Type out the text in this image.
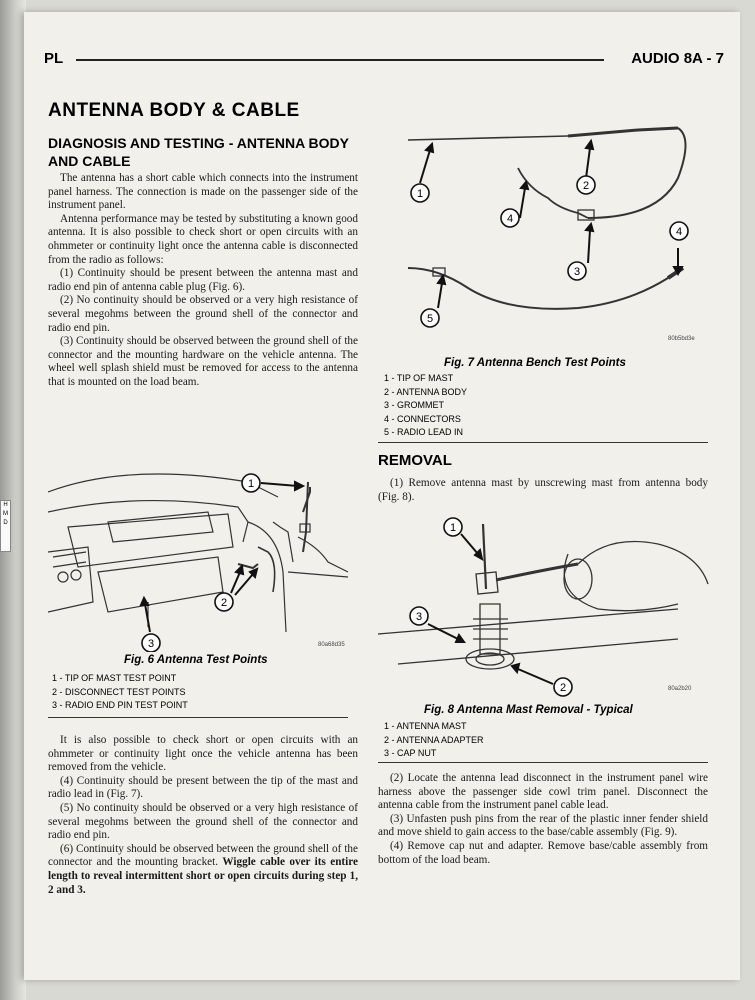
PL	AUDIO 8A - 7
ANTENNA BODY & CABLE
DIAGNOSIS AND TESTING - ANTENNA BODY AND CABLE

The antenna has a short cable which connects into the instrument panel harness. The connection is made on the passenger side of the instrument panel.

Antenna performance may be tested by substituting a known good antenna. It is also possible to check short or open circuits with an ohmmeter or continuity light once the antenna cable is disconnected from the radio as follows:

(1) Continuity should be present between the antenna mast and radio end pin of antenna cable plug (Fig. 6).

(2) No continuity should be observed or a very high resistance of several megohms between the ground shell of the connector and radio end pin.

(3) Continuity should be observed between the ground shell of the connector and the mounting hardware on the vehicle antenna. The wheel well splash shield must be removed for access to the antenna that is mounted on the load beam.

1
2
3	80a68d35
Fig. 6 Antenna Test Points
1 - TIP OF MAST TEST POINT
2 - DISCONNECT TEST POINTS
3 - RADIO END PIN TEST POINT

It is also possible to check short or open circuits with an ohmmeter or continuity light once the vehicle antenna has been removed from the vehicle.

(4) Continuity should be present between the tip of the mast and radio lead in (Fig. 7).

(5) No continuity should be observed or a very high resistance of several megohms between the ground shell of the connector and radio end pin.

(6) Continuity should be observed between the ground shell of the connector and the mounting bracket. Wiggle cable over its entire length to reveal intermittent short or open circuits during step 1, 2 and 3.

1
2
4
3
4
5
80b5bd3e
Fig. 7 Antenna Bench Test Points
1 - TIP OF MAST
2 - ANTENNA BODY
3 - GROMMET
4 - CONNECTORS
5 - RADIO LEAD IN
REMOVAL

(1) Remove antenna mast by unscrewing mast from antenna body (Fig. 8).

1
3
2	80a2b20
Fig. 8 Antenna Mast Removal - Typical
1 - ANTENNA MAST
2 - ANTENNA ADAPTER
3 - CAP NUT

(2) Locate the antenna lead disconnect in the instrument panel wire harness above the passenger side cowl trim panel. Disconnect the antenna cable from the instrument panel cable lead.

(3) Unfasten push pins from the rear of the plastic inner fender shield and move shield to gain access to the base/cable assembly (Fig. 9).

(4) Remove cap nut and adapter. Remove base/cable assembly from bottom of the load beam.

H M D
